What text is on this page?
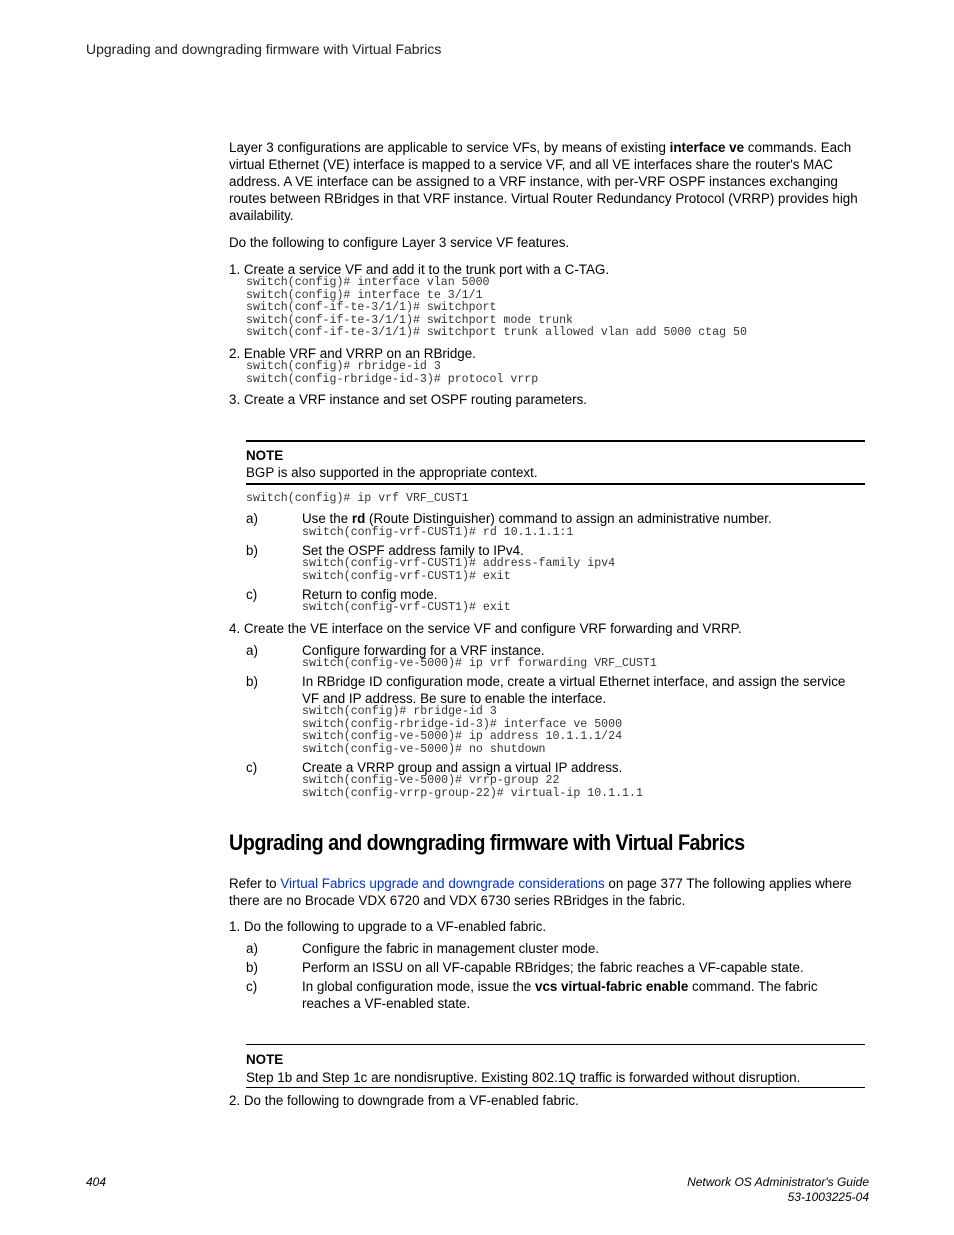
Upgrading and downgrading firmware with Virtual Fabrics
Layer 3 configurations are applicable to service VFs, by means of existing interface ve commands. Each virtual Ethernet (VE) interface is mapped to a service VF, and all VE interfaces share the router's MAC address. A VE interface can be assigned to a VRF instance, with per-VRF OSPF instances exchanging routes between RBridges in that VRF instance. Virtual Router Redundancy Protocol (VRRP) provides high availability.
Do the following to configure Layer 3 service VF features.
1. Create a service VF and add it to the trunk port with a C-TAG.
switch(config)# interface vlan 5000
switch(config)# interface te 3/1/1
switch(conf-if-te-3/1/1)# switchport
switch(conf-if-te-3/1/1)# switchport mode trunk
switch(conf-if-te-3/1/1)# switchport trunk allowed vlan add 5000 ctag 50
2. Enable VRF and VRRP on an RBridge.
switch(config)# rbridge-id 3
switch(config-rbridge-id-3)# protocol vrrp
3. Create a VRF instance and set OSPF routing parameters.
NOTE
BGP is also supported in the appropriate context.
switch(config)# ip vrf VRF_CUST1
a)	Use the rd (Route Distinguisher) command to assign an administrative number.
switch(config-vrf-CUST1)# rd 10.1.1.1:1
b)	Set the OSPF address family to IPv4.
switch(config-vrf-CUST1)# address-family ipv4
switch(config-vrf-CUST1)# exit
c)	Return to config mode.
switch(config-vrf-CUST1)# exit
4. Create the VE interface on the service VF and configure VRF forwarding and VRRP.
a)	Configure forwarding for a VRF instance.
switch(config-ve-5000)# ip vrf forwarding VRF_CUST1
b)	In RBridge ID configuration mode, create a virtual Ethernet interface, and assign the service VF and IP address. Be sure to enable the interface.
switch(config)# rbridge-id 3
switch(config-rbridge-id-3)# interface ve 5000
switch(config-ve-5000)# ip address 10.1.1.1/24
switch(config-ve-5000)# no shutdown
c)	Create a VRRP group and assign a virtual IP address.
switch(config-ve-5000)# vrrp-group 22
switch(config-vrrp-group-22)# virtual-ip 10.1.1.1
Upgrading and downgrading firmware with Virtual Fabrics
Refer to Virtual Fabrics upgrade and downgrade considerations on page 377 The following applies where there are no Brocade VDX 6720 and VDX 6730 series RBridges in the fabric.
1. Do the following to upgrade to a VF-enabled fabric.
a)	Configure the fabric in management cluster mode.
b)	Perform an ISSU on all VF-capable RBridges; the fabric reaches a VF-capable state.
c)	In global configuration mode, issue the vcs virtual-fabric enable command. The fabric reaches a VF-enabled state.
NOTE
Step 1b and Step 1c are nondisruptive. Existing 802.1Q traffic is forwarded without disruption.
2. Do the following to downgrade from a VF-enabled fabric.
404	Network OS Administrator's Guide
53-1003225-04
